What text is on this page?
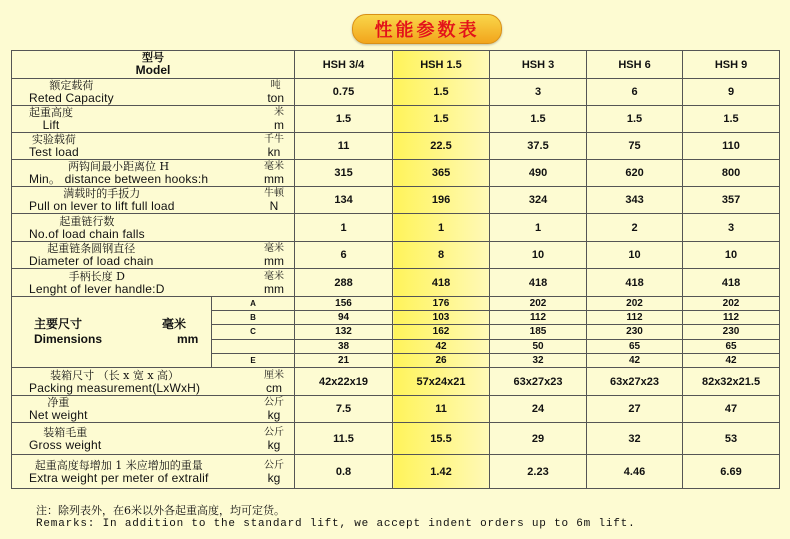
性能参数表
型号
Model		HSH 3/4	HSH 1.5	HSH 3	HSH 6	HSH 9

额定载荷
Reted Capacity
吨
ton		0.75	1.5	3	6	9

起重高度
Lift
米
m		1.5	1.5	1.5	1.5	1.5

实验载荷
Test load
千牛
kn		11	22.5	37.5	75	110

两钩间最小距离位 H
Min。 distance between hooks:h
毫米
mm		315	365	490	620	800

满载时的手扳力
Pull on lever to lift full load
牛顿
N		134	196	324	343	357

起重链行数
No.of load chain falls		1	1	1	2	3

起重链条圆钢直径
Diameter of load chain
毫米
mm		6	8	10	10	10

手柄长度 D
Lenght of lever handle:D
毫米
mm		288	418	418	418	418

主要尺寸 毫米
Dimensions mm	A	156	176	202	202	202
	B	94	103	112	112	112
	C	132	162	185	230	230
		38	42	50	65	65
	E	21	26	32	42	42

装箱尺寸 （长 x 宽 x 高）
Packing measurement(LxWxH)
厘米
cm		42x22x19	57x24x21	63x27x23	63x27x23	82x32x21.5

净重
Net weight
公斤
kg		7.5	11	24	27	47

装箱毛重
Gross weight
公斤
kg		11.5	15.5	29	32	53

起重高度每增加 1 米应增加的重量
Extra weight per meter of extralif
公斤
kg		0.8	1.42	2.23	4.46	6.69
注：除列表外，在6米以外各起重高度，均可定货。
Remarks: In addition to the standard lift, we accept indent orders up to 6m lift.
